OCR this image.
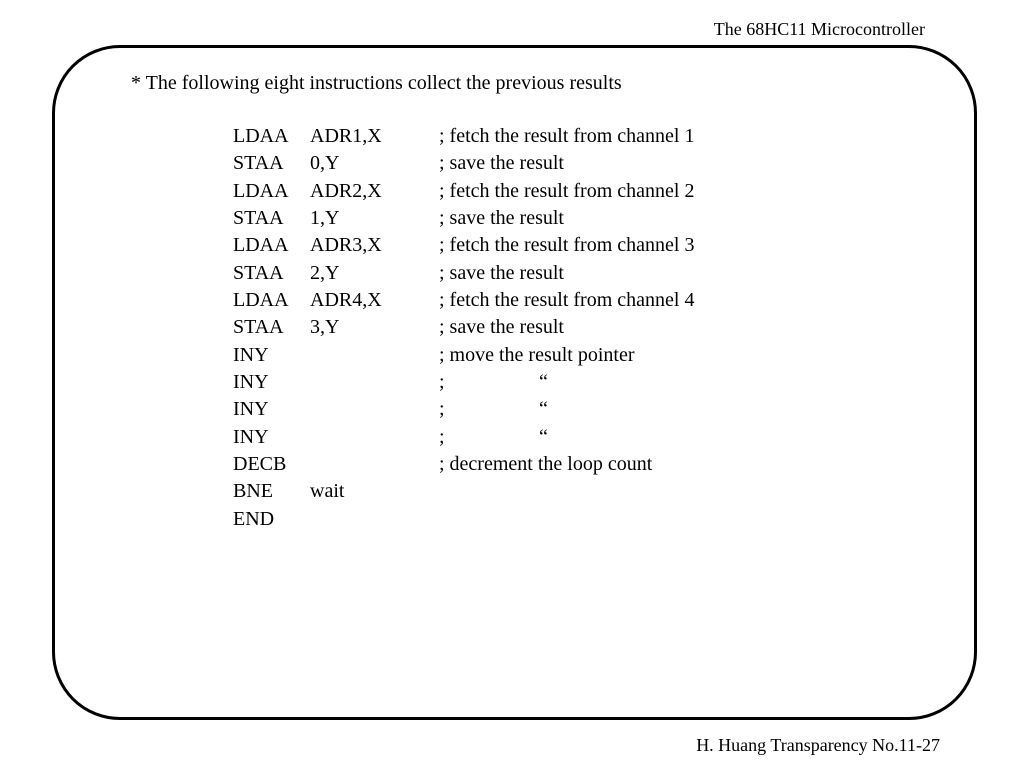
The 68HC11 Microcontroller
* The following eight instructions collect the previous results
LDAA ADR1,X	; fetch the result from channel 1
STAA 0,Y	; save the result
LDAA ADR2,X	; fetch the result from channel 2
STAA 1,Y	; save the result
LDAA ADR3,X	; fetch the result from channel 3
STAA 2,Y	; save the result
LDAA ADR4,X	; fetch the result from channel 4
STAA 3,Y	; save the result
INY	; move the result pointer
INY	;	“
INY	;	“
INY	;	“
DECB	; decrement the loop count
BNE wait
END
H. Huang Transparency No.11-27
